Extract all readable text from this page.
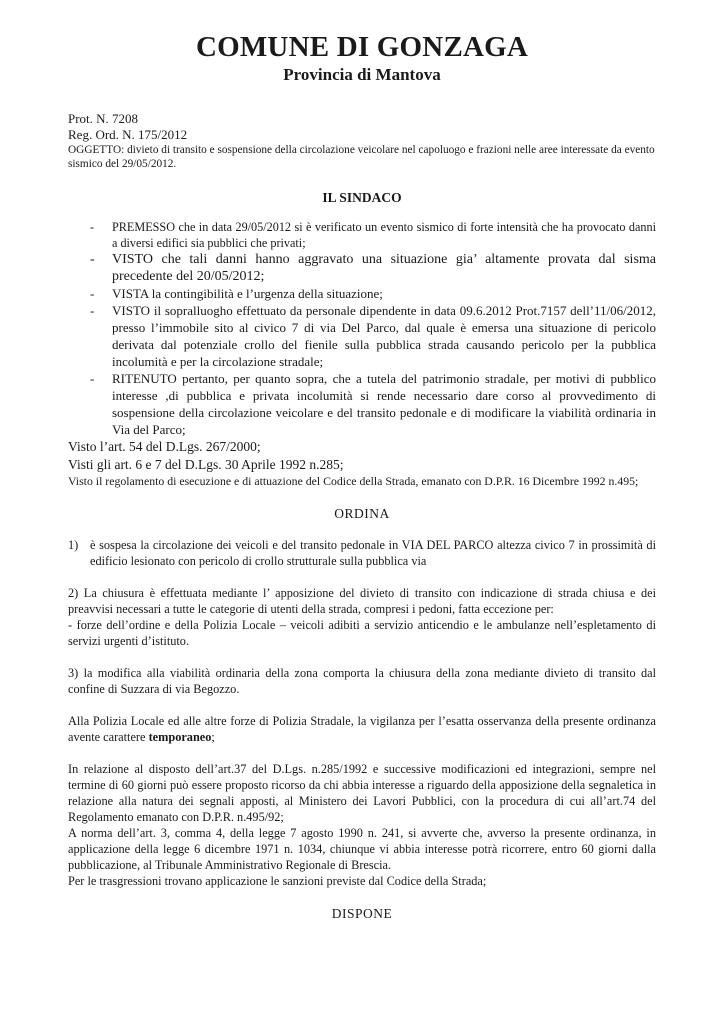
COMUNE DI GONZAGA
Provincia di Mantova
Prot. N. 7208
Reg. Ord. N. 175/2012
OGGETTO: divieto di transito e sospensione della circolazione veicolare nel capoluogo e frazioni nelle aree interessate da evento sismico del 29/05/2012.
IL SINDACO
- PREMESSO che in data 29/05/2012 si è verificato un evento sismico di forte intensità che ha provocato danni a diversi edifici sia pubblici che privati;
- VISTO che tali danni hanno aggravato una situazione gia’ altamente provata dal sisma precedente del 20/05/2012;
- VISTA la contingibilità e l’urgenza della situazione;
- VISTO il sopralluogho effettuato da personale dipendente in data 09.6.2012 Prot.7157 dell’11/06/2012, presso l’immobile sito al civico 7 di via Del Parco, dal quale è emersa una situazione di pericolo derivata dal potenziale crollo del fienile sulla pubblica strada causando pericolo per la pubblica incolumità e per la circolazione stradale;
- RITENUTO pertanto, per quanto sopra, che a tutela del patrimonio stradale, per motivi di pubblico interesse ,di pubblica e privata incolumità si rende necessario dare corso al provvedimento di sospensione della circolazione veicolare e del transito pedonale e di modificare la viabilità ordinaria in Via del Parco;
Visto l’art. 54 del D.Lgs. 267/2000;
Visti gli art. 6 e 7 del D.Lgs. 30 Aprile 1992 n.285;
Visto il regolamento di esecuzione e di attuazione del Codice della Strada, emanato con D.P.R. 16 Dicembre 1992 n.495;
ORDINA
1) è sospesa la circolazione dei veicoli e del transito pedonale in VIA DEL PARCO altezza civico 7 in prossimità di edificio lesionato con pericolo di crollo strutturale sulla pubblica via
2) La chiusura è effettuata mediante l’ apposizione del divieto di transito con indicazione di strada chiusa e dei preavvisi necessari a tutte le categorie di utenti della strada, compresi i pedoni, fatta eccezione per:
- forze dell’ordine e della Polizia Locale – veicoli adibiti a servizio anticendio e le ambulanze nell’espletamento di servizi urgenti d’istituto.
3) la modifica alla viabilità ordinaria della zona comporta la chiusura della zona mediante divieto di transito dal confine di Suzzara di via Begozzo.
Alla Polizia Locale ed alle altre forze di Polizia Stradale, la vigilanza per l’esatta osservanza della presente ordinanza avente carattere temporaneo;
In relazione al disposto dell’art.37 del D.Lgs. n.285/1992 e successive modificazioni ed integrazioni, sempre nel termine di 60 giorni può essere proposto ricorso da chi abbia interesse a riguardo della apposizione della segnaletica in relazione alla natura dei segnali apposti, al Ministero dei Lavori Pubblici, con la procedura di cui all’art.74 del Regolamento emanato con D.P.R. n.495/92;
A norma dell’art. 3, comma 4, della legge 7 agosto 1990 n. 241, si avverte che, avverso la presente ordinanza, in applicazione della legge 6 dicembre 1971 n. 1034, chiunque vi abbia interesse potrà ricorrere, entro 60 giorni dalla pubblicazione, al Tribunale Amministrativo Regionale di Brescia.
Per le trasgressioni trovano applicazione le sanzioni previste dal Codice della Strada;
DISPONE
